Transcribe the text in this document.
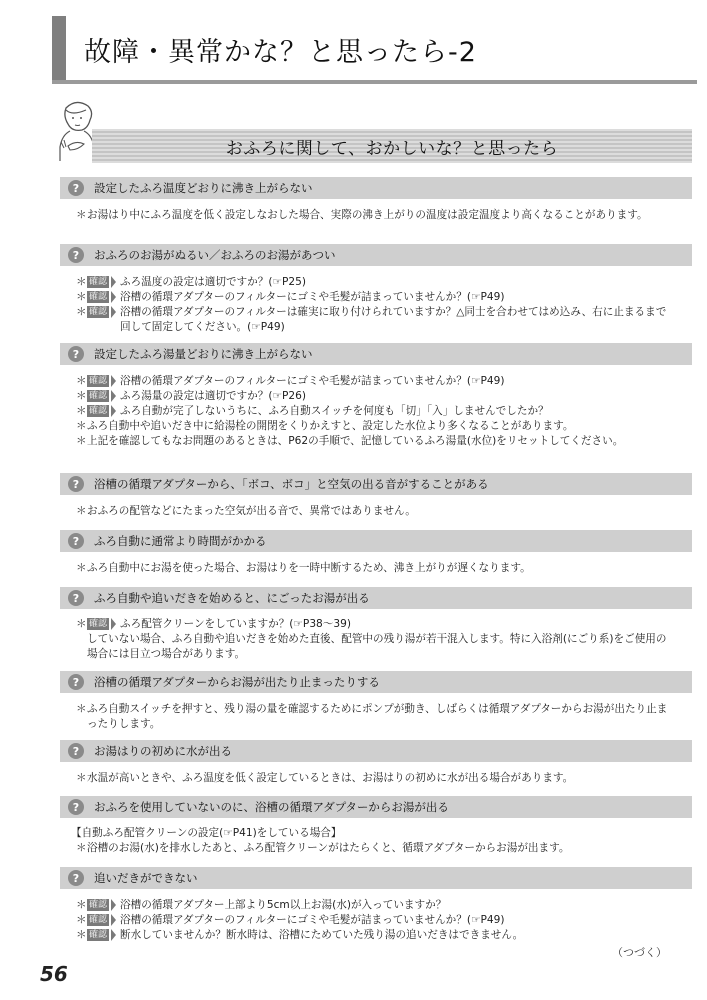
故障・異常かな？と思ったら-2
おふろに関して、おかしいな？と思ったら
?	設定したふろ温度どおりに沸き上がらない
＊ お湯はり中にふろ温度を低く設定しなおした場合、実際の沸き上がりの温度は設定温度より高くなることがあります。
?	おふろのお湯がぬるい／おふろのお湯があつい
＊ 確認 ふろ温度の設定は適切ですか？(☞P25)
＊ 確認 浴槽の循環アダプターのフィルターにゴミや毛髪が詰まっていませんか？(☞P49)
＊ 確認 浴槽の循環アダプターのフィルターは確実に取り付けられていますか？△同士を合わせてはめ込み、右に止まるまで回して固定してください。(☞P49)
?	設定したふろ湯量どおりに沸き上がらない
＊ 確認 浴槽の循環アダプターのフィルターにゴミや毛髪が詰まっていませんか？(☞P49)
＊ 確認 ふろ湯量の設定は適切ですか？(☞P26)
＊ 確認 ふろ自動が完了しないうちに、ふろ自動スイッチを何度も「切」「入」しませんでしたか？
＊ ふろ自動中や追いだき中に給湯栓の開閉をくりかえすと、設定した水位より多くなることがあります。
＊ 上記を確認してもなお問題のあるときは、P62の手順で、記憶しているふろ湯量(水位)をリセットしてください。
?	浴槽の循環アダプターから、「ボコ、ボコ」と空気の出る音がすることがある
＊ おふろの配管などにたまった空気が出る音で、異常ではありません。
?	ふろ自動に通常より時間がかかる
＊ ふろ自動中にお湯を使った場合、お湯はりを一時中断するため、沸き上がりが遅くなります。
?	ふろ自動や追いだきを始めると、にごったお湯が出る
＊ 確認 ふろ配管クリーンをしていますか？(☞P38～39)
していない場合、ふろ自動や追いだきを始めた直後、配管中の残り湯が若干混入します。特に入浴剤(にごり系)をご使用の場合には目立つ場合があります。
?	浴槽の循環アダプターからお湯が出たり止まったりする
＊ ふろ自動スイッチを押すと、残り湯の量を確認するためにポンプが動き、しばらくは循環アダプターからお湯が出たり止まったりします。
?	お湯はりの初めに水が出る
＊ 水温が高いときや、ふろ温度を低く設定しているときは、お湯はりの初めに水が出る場合があります。
?	おふろを使用していないのに、浴槽の循環アダプターからお湯が出る
【自動ふろ配管クリーンの設定(☞P41)をしている場合】
＊ 浴槽のお湯(水)を排水したあと、ふろ配管クリーンがはたらくと、循環アダプターからお湯が出ます。
?	追いだきができない
＊ 確認 浴槽の循環アダプター上部より5cm以上お湯(水)が入っていますか？
＊ 確認 浴槽の循環アダプターのフィルターにゴミや毛髪が詰まっていませんか？(☞P49)
＊ 確認 断水していませんか？断水時は、浴槽にためていた残り湯の追いだきはできません。
（つづく）
56
